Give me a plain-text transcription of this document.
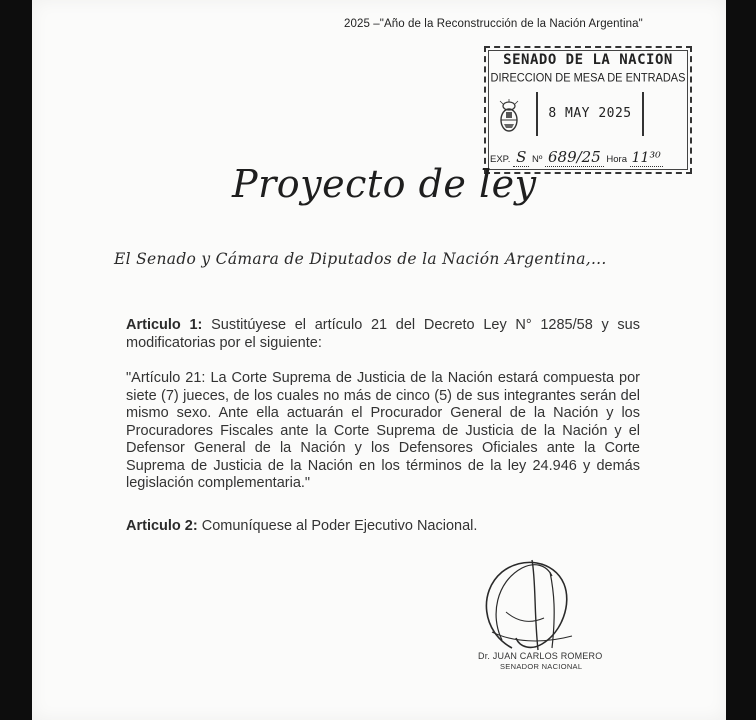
2025 –"Año de la Reconstrucción de la Nación Argentina"
SENADO DE LA NACION
DIRECCION DE MESA DE ENTRADAS
8 MAY 2025
EXP. S Nº 689/25 Hora 11³⁰
Proyecto de ley
El Senado y Cámara de Diputados de la Nación Argentina,...
Articulo 1: Sustitúyese el artículo 21 del Decreto Ley N° 1285/58 y sus modificatorias por el siguiente:
"Artículo 21: La Corte Suprema de Justicia de la Nación estará compuesta por siete (7) jueces, de los cuales no más de cinco (5) de sus integrantes serán del mismo sexo. Ante ella actuarán el Procurador General de la Nación y los Procuradores Fiscales ante la Corte Suprema de Justicia de la Nación y el Defensor General de la Nación y los Defensores Oficiales ante la Corte Suprema de Justicia de la Nación en los términos de la ley 24.946 y demás legislación complementaria."
Articulo 2: Comuníquese al Poder Ejecutivo Nacional.
Dr. JUAN CARLOS ROMERO
SENADOR NACIONAL
